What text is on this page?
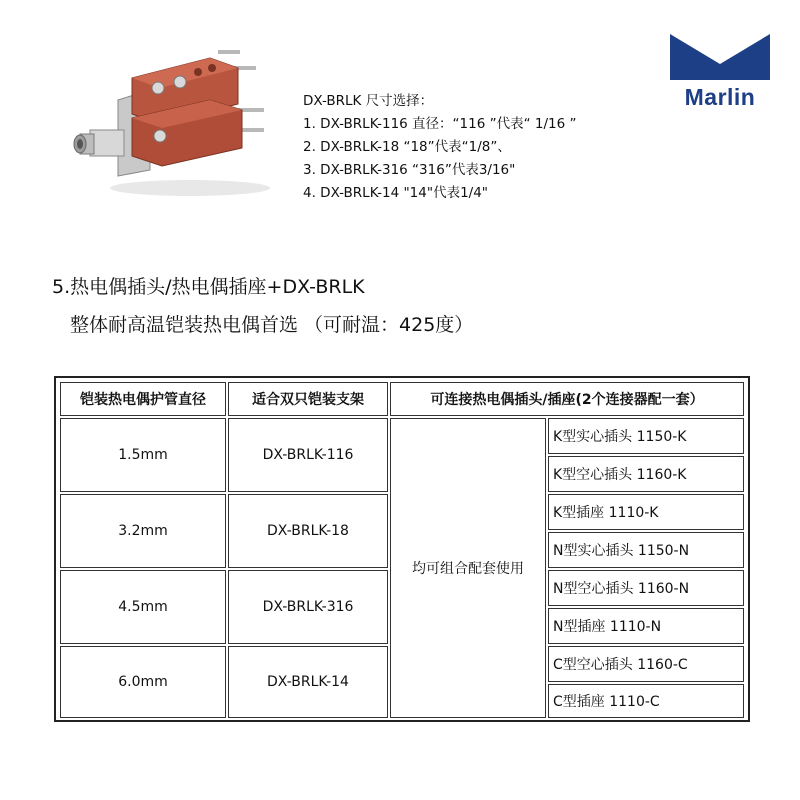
Marlin
DX-BRLK 尺寸选择：
1. DX-BRLK-116 直径：“116 ”代表“ 1/16 ”
2. DX-BRLK-18 “18”代表“1/8”、
3. DX-BRLK-316 “316”代表3/16"
4. DX-BRLK-14 "14"代表1/4"
5.热电偶插头/热电偶插座+DX-BRLK
整体耐高温铠装热电偶首选 （可耐温：425度）
铠装热电偶护管直径	适合双只铠装支架	可连接热电偶插头/插座(2个连接器配一套）
1.5mm
3.2mm
4.5mm
6.0mm
DX-BRLK-116
DX-BRLK-18
DX-BRLK-316
DX-BRLK-14
均可组合配套使用
K型实心插头 1150-K
K型空心插头 1160-K
K型插座 1110-K
N型实心插头 1150-N
N型空心插头 1160-N
N型插座 1110-N
C型空心插头 1160-C
C型插座 1110-C
